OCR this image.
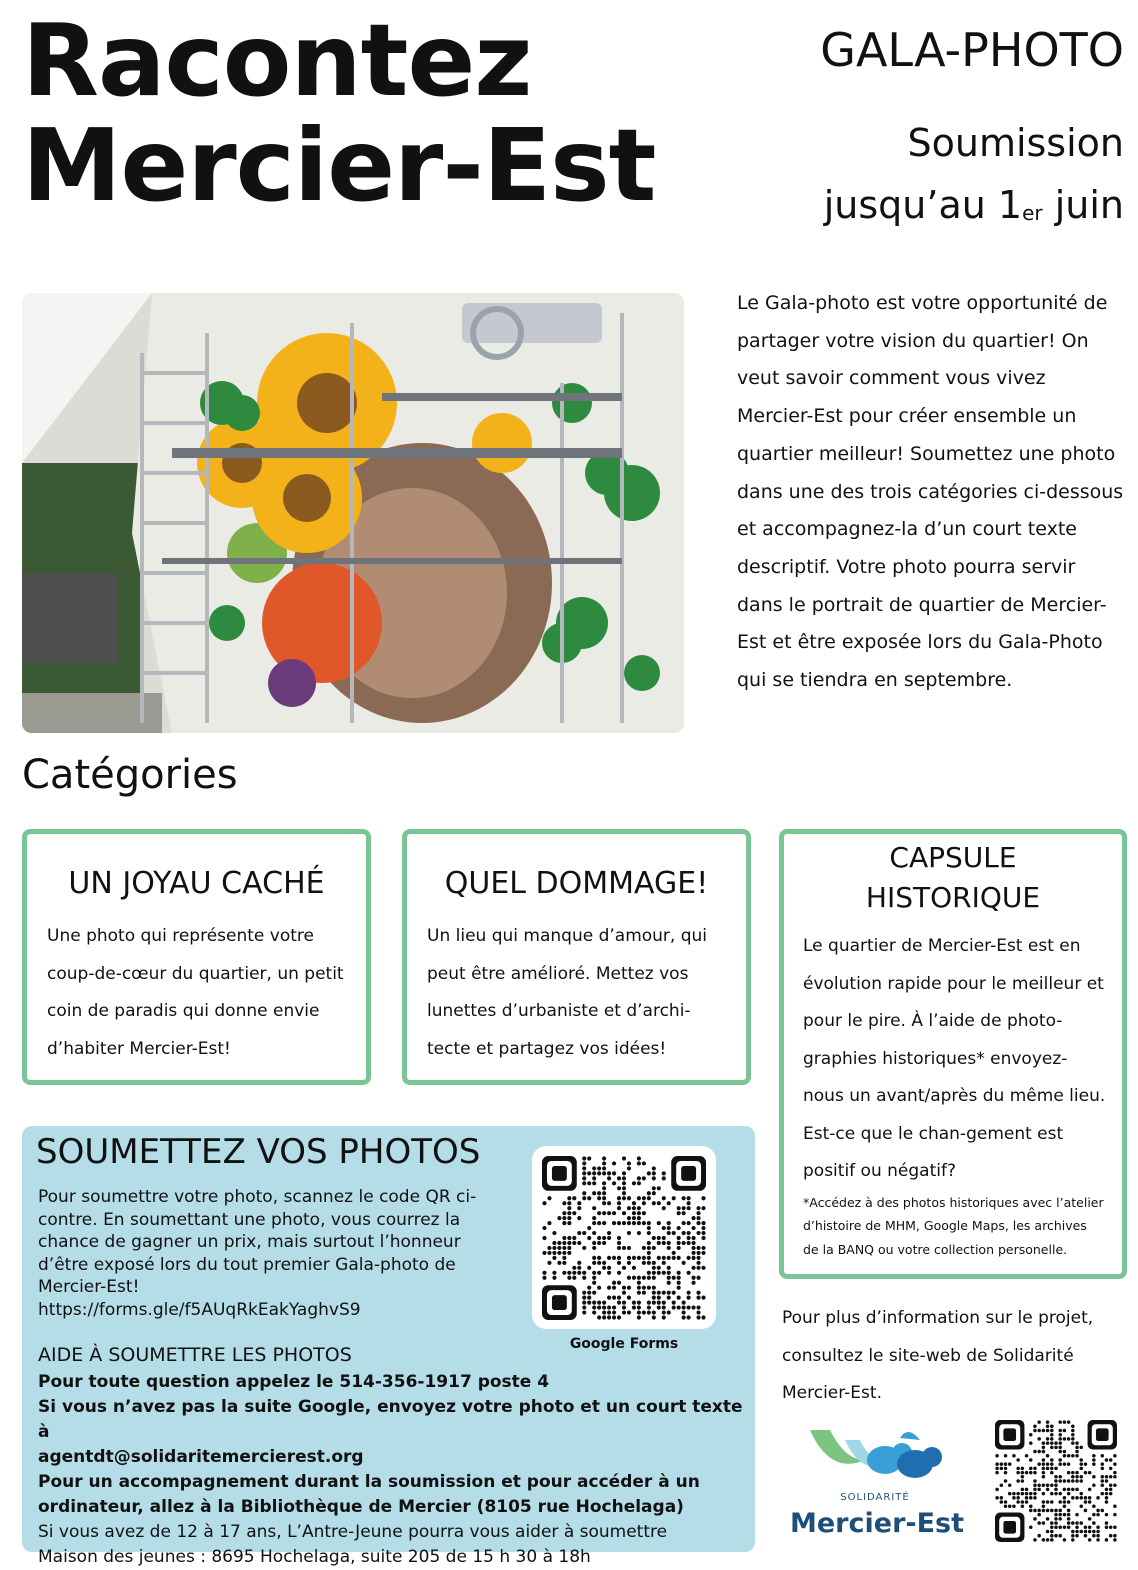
Racontez
Mercier-Est
GALA-PHOTO
Soumission
jusqu’au 1er juin
Le Gala-photo est votre opportunité de partager votre vision du quartier! On veut savoir comment vous vivez Mercier-Est pour créer ensemble un quartier meilleur! Soumettez une photo dans une des trois catégories ci-dessous et accompagnez-la d’un court texte descriptif. Votre photo pourra servir dans le portrait de quartier de Mercier-Est et être exposée lors du Gala-Photo qui se tiendra en septembre.
Catégories
UN JOYAU CACHÉ

Une photo qui représente votre coup-de-cœur du quartier, un petit coin de paradis qui donne envie d’habiter Mercier-Est!

QUEL DOMMAGE!

Un lieu qui manque d’amour, qui peut être amélioré. Mettez vos lunettes d’urbaniste et d’archi-tecte et partagez vos idées!

CAPSULE
HISTORIQUE

Le quartier de Mercier-Est est en évolution rapide pour le meilleur et pour le pire. À l’aide de photo-graphies historiques* envoyez-nous un avant/après du même lieu. Est-ce que le chan-gement est positif ou négatif?

*Accédez à des photos historiques avec l’atelier d’histoire de MHM, Google Maps, les archives de la BANQ ou votre collection personelle.

SOUMETTEZ VOS PHOTOS
Pour soumettre votre photo, scannez le code QR ci-contre. En soumettant une photo, vous courrez la chance de gagner un prix, mais surtout l’honneur d’être exposé lors du tout premier Gala-photo de Mercier-Est!
https://forms.gle/f5AUqRkEakYaghvS9
Google Forms
AIDE À SOUMETTRE LES PHOTOS
Pour toute question appelez le 514-356-1917 poste 4
Si vous n’avez pas la suite Google, envoyez votre photo et un court texte à
agentdt@solidaritemercierest.org
Pour un accompagnement durant la soumission et pour accéder à un ordinateur, allez à la Bibliothèque de Mercier (8105 rue Hochelaga)
Si vous avez de 12 à 17 ans, L’Antre-Jeune pourra vous aider à soumettre
Maison des jeunes : 8695 Hochelaga, suite 205 de 15 h 30 à 18h
Pour plus d’information sur le projet, consultez le site-web de Solidarité Mercier-Est.
SOLIDARITÉ
Mercier-Est
